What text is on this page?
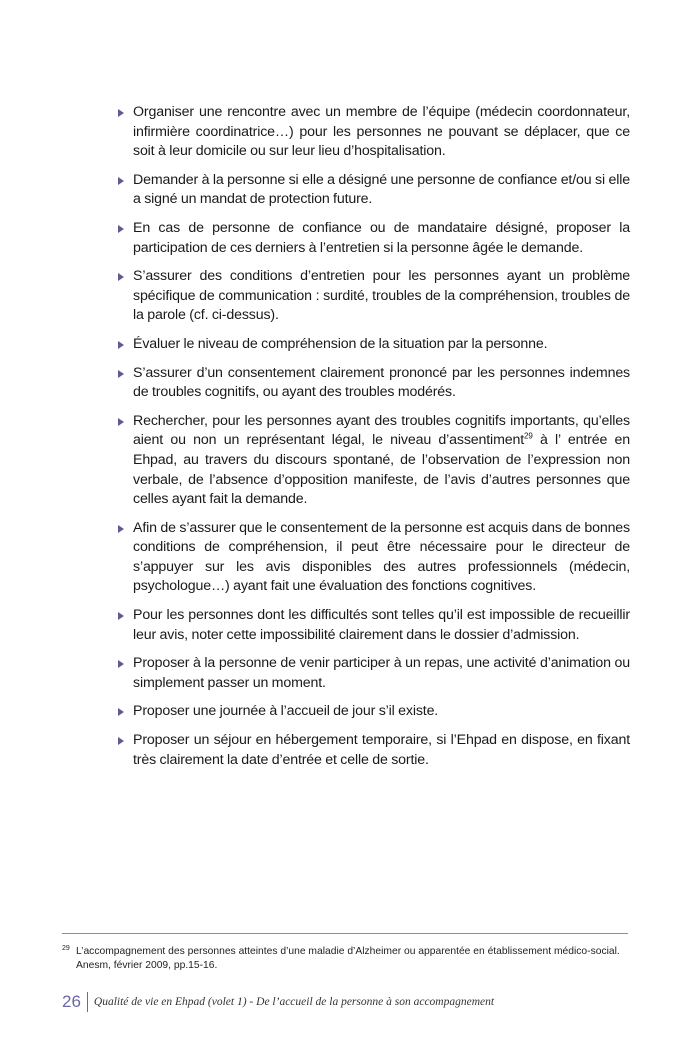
Organiser une rencontre avec un membre de l’équipe (médecin coordonnateur, infirmière coordinatrice…) pour les personnes ne pouvant se déplacer, que ce soit à leur domicile ou sur leur lieu d’hospitalisation.
Demander à la personne si elle a désigné une personne de confiance et/ou si elle a signé un mandat de protection future.
En cas de personne de confiance ou de mandataire désigné, proposer la participation de ces derniers à l’entretien si la personne âgée le demande.
S’assurer des conditions d’entretien pour les personnes ayant un problème spécifique de communication : surdité, troubles de la compréhension, troubles de la parole (cf. ci-dessus).
Évaluer le niveau de compréhension de la situation par la personne.
S’assurer d’un consentement clairement prononcé par les personnes indemnes de troubles cognitifs, ou ayant des troubles modérés.
Rechercher, pour les personnes ayant des troubles cognitifs importants, qu’elles aient ou non un représentant légal, le niveau d’assentiment$^{29}$ à l’ entrée en Ehpad, au travers du discours spontané, de l’observation de l’expression non verbale, de l’absence d’opposition manifeste, de l’avis d’autres personnes que celles ayant fait la demande.
Afin de s’assurer que le consentement de la personne est acquis dans de bonnes conditions de compréhension, il peut être nécessaire pour le directeur de s’appuyer sur les avis disponibles des autres professionnels (médecin, psychologue…) ayant fait une évaluation des fonctions cognitives.
Pour les personnes dont les difficultés sont telles qu’il est impossible de recueillir leur avis, noter cette impossibilité clairement dans le dossier d’admission.
Proposer à la personne de venir participer à un repas, une activité d’animation ou simplement passer un moment.
Proposer une journée à l’accueil de jour s’il existe.
Proposer un séjour en hébergement temporaire, si l’Ehpad en dispose, en fixant très clairement la date d’entrée et celle de sortie.
29 L’accompagnement des personnes atteintes d’une maladie d’Alzheimer ou apparentée en établissement médico-social. Anesm, février 2009, pp.15-16.
26 Qualité de vie en Ehpad (volet 1) - De l’accueil de la personne à son accompagnement
